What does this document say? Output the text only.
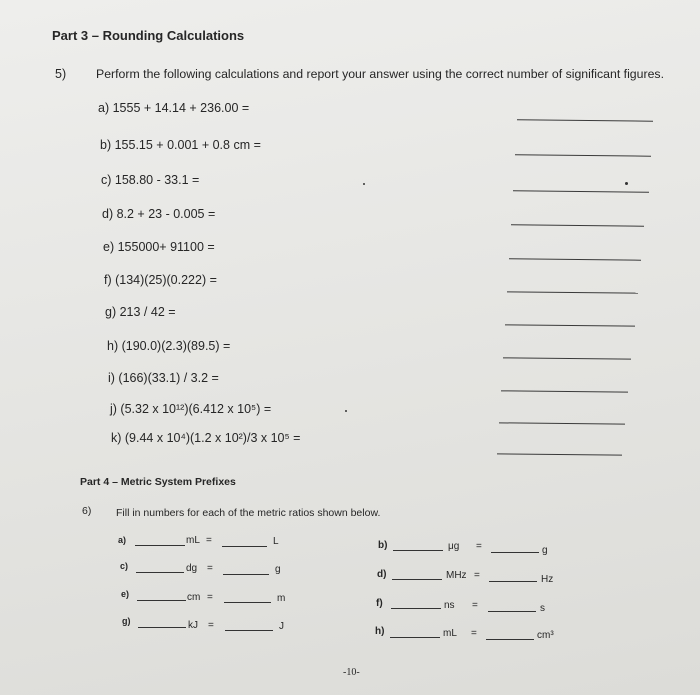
Part 3 – Rounding Calculations
5) Perform the following calculations and report your answer using the correct number of significant figures.
a) 1555 + 14.14 + 236.00 =
b) 155.15 + 0.001 + 0.8 cm =
c) 158.80 - 33.1 =
d) 8.2 + 23 - 0.005 =
e) 155000+ 91100 =
f) (134)(25)(0.222) =
g) 213 / 42 =
h) (190.0)(2.3)(89.5) =
i) (166)(33.1) / 3.2 =
j) (5.32 x 10¹²)(6.412 x 10⁵) =
k) (9.44 x 10⁴)(1.2 x 10²)/3 x 10⁵ =
Part 4 – Metric System Prefixes
6) Fill in numbers for each of the metric ratios shown below.
a)	mL =	L
c)	dg =	g
e)	cm =	m
g)	kJ =	J
b)	μg =	g
d)	MHz =	Hz
f)	ns =	s
h)	mL =	cm³
-10-
